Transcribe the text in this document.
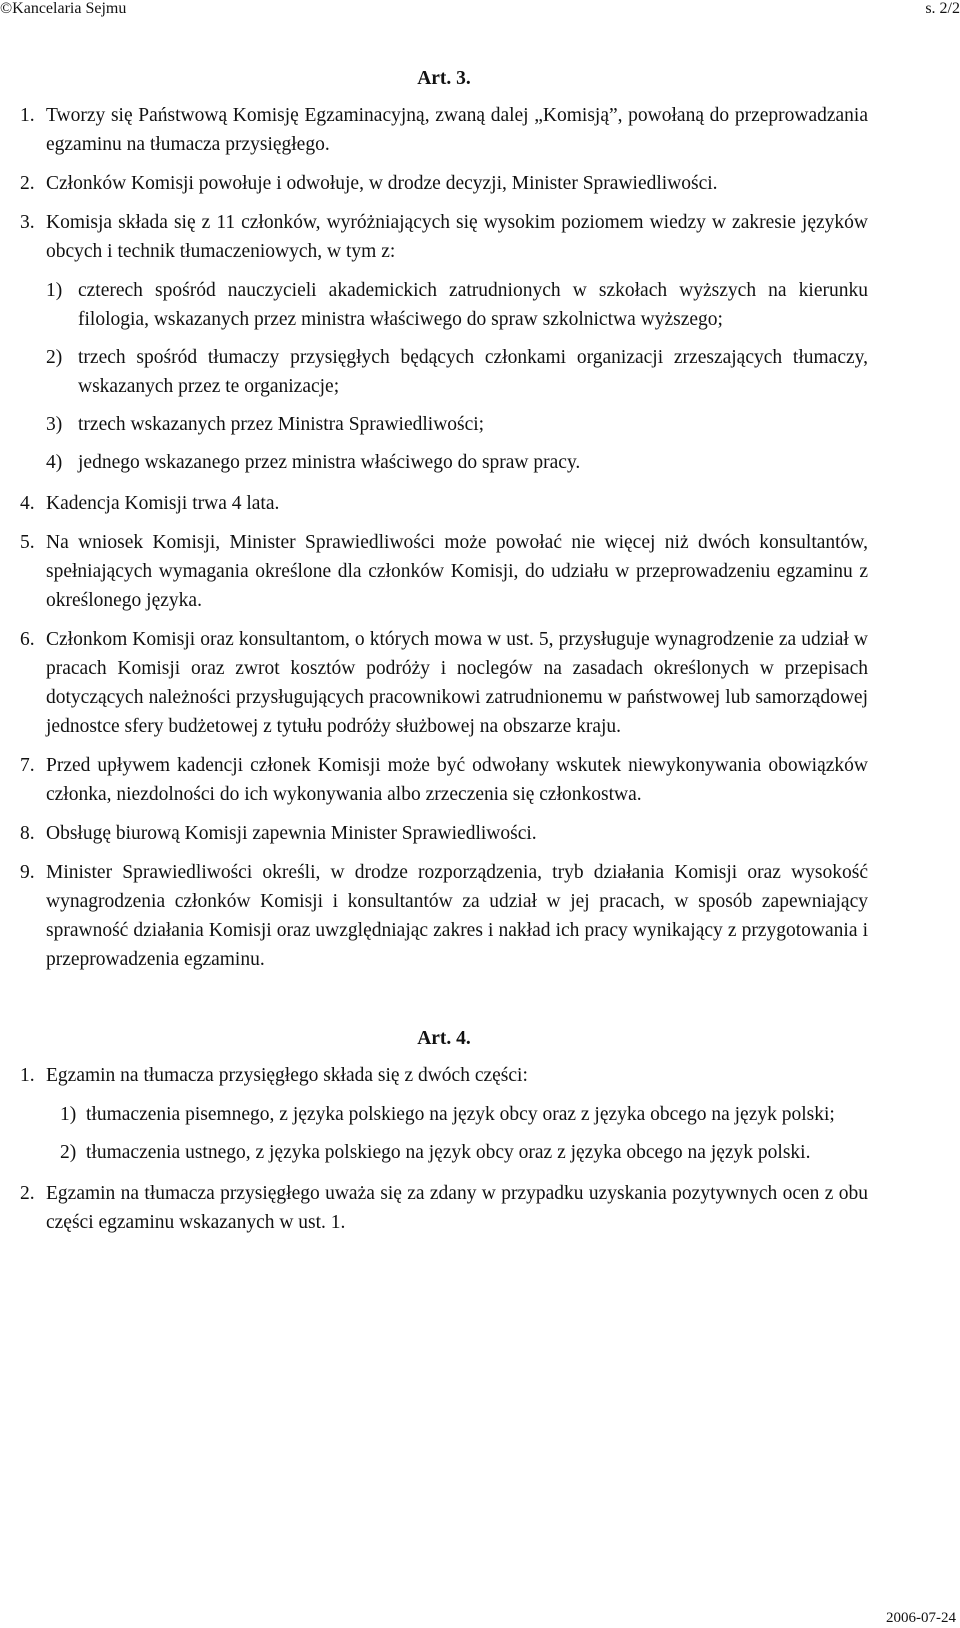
©Kancelaria Sejmu	s. 2/2
Art. 3.

1. Tworzy się Państwową Komisję Egzaminacyjną, zwaną dalej „Komisją”, powołaną do przeprowadzania egzaminu na tłumacza przysięgłego.

2. Członków Komisji powołuje i odwołuje, w drodze decyzji, Minister Sprawiedliwości.

3. Komisja składa się z 11 członków, wyróżniających się wysokim poziomem wiedzy w zakresie języków obcych i technik tłumaczeniowych, w tym z:

1) czterech spośród nauczycieli akademickich zatrudnionych w szkołach wyższych na kierunku filologia, wskazanych przez ministra właściwego do spraw szkolnictwa wyższego;

2) trzech spośród tłumaczy przysięgłych będących członkami organizacji zrzeszających tłumaczy, wskazanych przez te organizacje;

3) trzech wskazanych przez Ministra Sprawiedliwości;

4) jednego wskazanego przez ministra właściwego do spraw pracy.

4. Kadencja Komisji trwa 4 lata.

5. Na wniosek Komisji, Minister Sprawiedliwości może powołać nie więcej niż dwóch konsultantów, spełniających wymagania określone dla członków Komisji, do udziału w przeprowadzeniu egzaminu z określonego języka.

6. Członkom Komisji oraz konsultantom, o których mowa w ust. 5, przysługuje wynagrodzenie za udział w pracach Komisji oraz zwrot kosztów podróży i noclegów na zasadach określonych w przepisach dotyczących należności przysługujących pracownikowi zatrudnionemu w państwowej lub samorządowej jednostce sfery budżetowej z tytułu podróży służbowej na obszarze kraju.

7. Przed upływem kadencji członek Komisji może być odwołany wskutek niewykonywania obowiązków członka, niezdolności do ich wykonywania albo zrzeczenia się członkostwa.

8. Obsługę biurową Komisji zapewnia Minister Sprawiedliwości.

9. Minister Sprawiedliwości określi, w drodze rozporządzenia, tryb działania Komisji oraz wysokość wynagrodzenia członków Komisji i konsultantów za udział w jej pracach, w sposób zapewniający sprawność działania Komisji oraz uwzględniając zakres i nakład ich pracy wynikający z przygotowania i przeprowadzenia egzaminu.

Art. 4.

1. Egzamin na tłumacza przysięgłego składa się z dwóch części:

1) tłumaczenia pisemnego, z języka polskiego na język obcy oraz z języka obcego na język polski;

2) tłumaczenia ustnego, z języka polskiego na język obcy oraz z języka obcego na język polski.

2. Egzamin na tłumacza przysięgłego uważa się za zdany w przypadku uzyskania pozytywnych ocen z obu części egzaminu wskazanych w ust. 1.

2006-07-24
